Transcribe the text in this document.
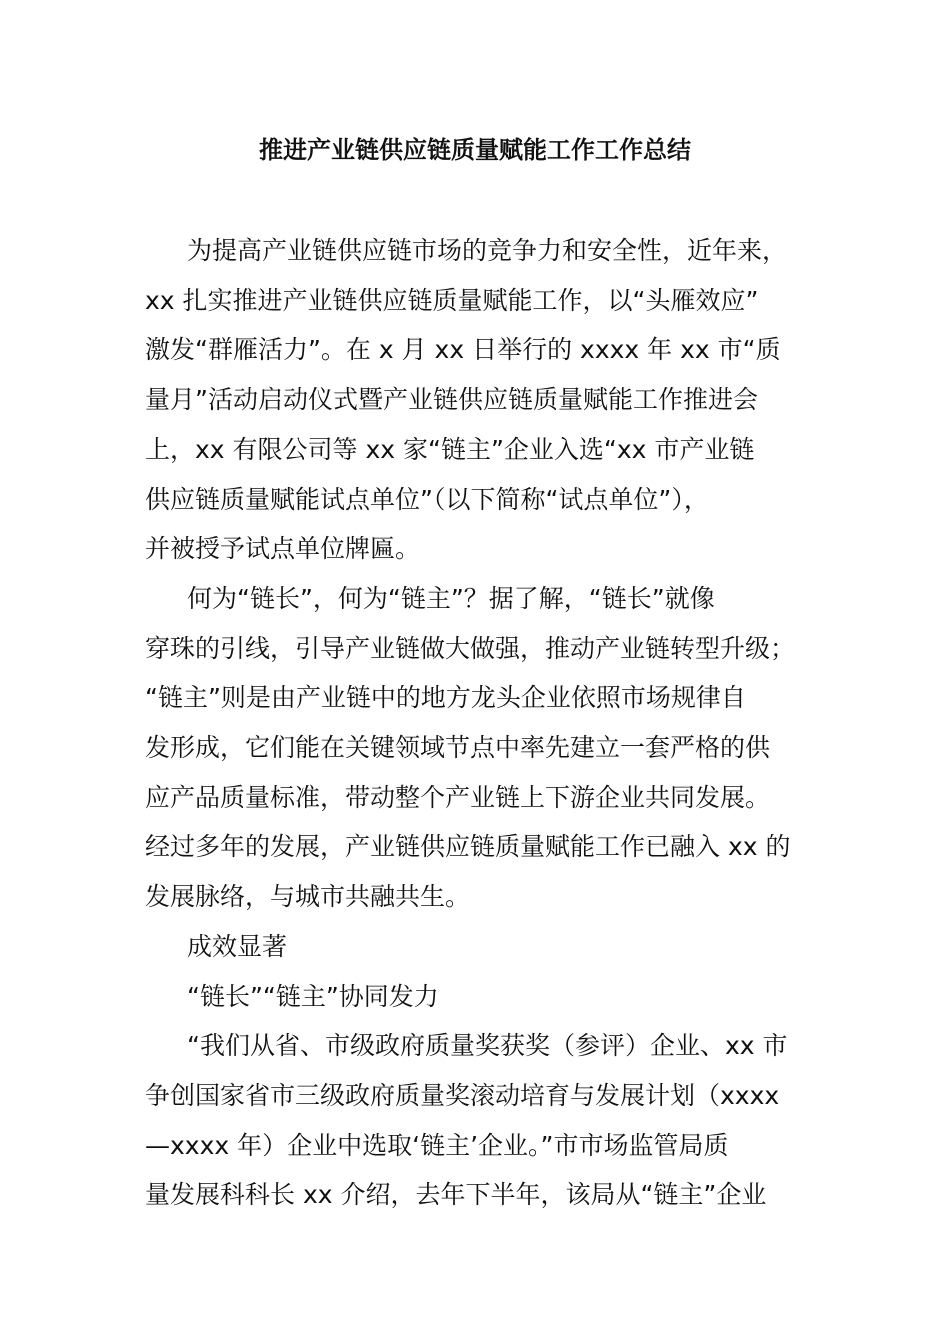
推进产业链供应链质量赋能工作工作总结
为提高产业链供应链市场的竞争力和安全性，近年来，
xx 扎实推进产业链供应链质量赋能工作，以“头雁效应”
激发“群雁活力”。在 x 月 xx 日举行的 xxxx 年 xx 市“质
量月”活动启动仪式暨产业链供应链质量赋能工作推进会
上，xx 有限公司等 xx 家“链主”企业入选“xx 市产业链
供应链质量赋能试点单位”（以下简称“试点单位”），
并被授予试点单位牌匾。
何为“链长”，何为“链主”？据了解，“链长”就像
穿珠的引线，引导产业链做大做强，推动产业链转型升级；
“链主”则是由产业链中的地方龙头企业依照市场规律自
发形成，它们能在关键领域节点中率先建立一套严格的供
应产品质量标准，带动整个产业链上下游企业共同发展。
经过多年的发展，产业链供应链质量赋能工作已融入 xx 的
发展脉络，与城市共融共生。
成效显著
“链长”“链主”协同发力
“我们从省、市级政府质量奖获奖（参评）企业、xx 市
争创国家省市三级政府质量奖滚动培育与发展计划（xxxx
—xxxx 年）企业中选取‘链主’企业。”市市场监管局质
量发展科科长 xx 介绍，去年下半年，该局从“链主”企业
